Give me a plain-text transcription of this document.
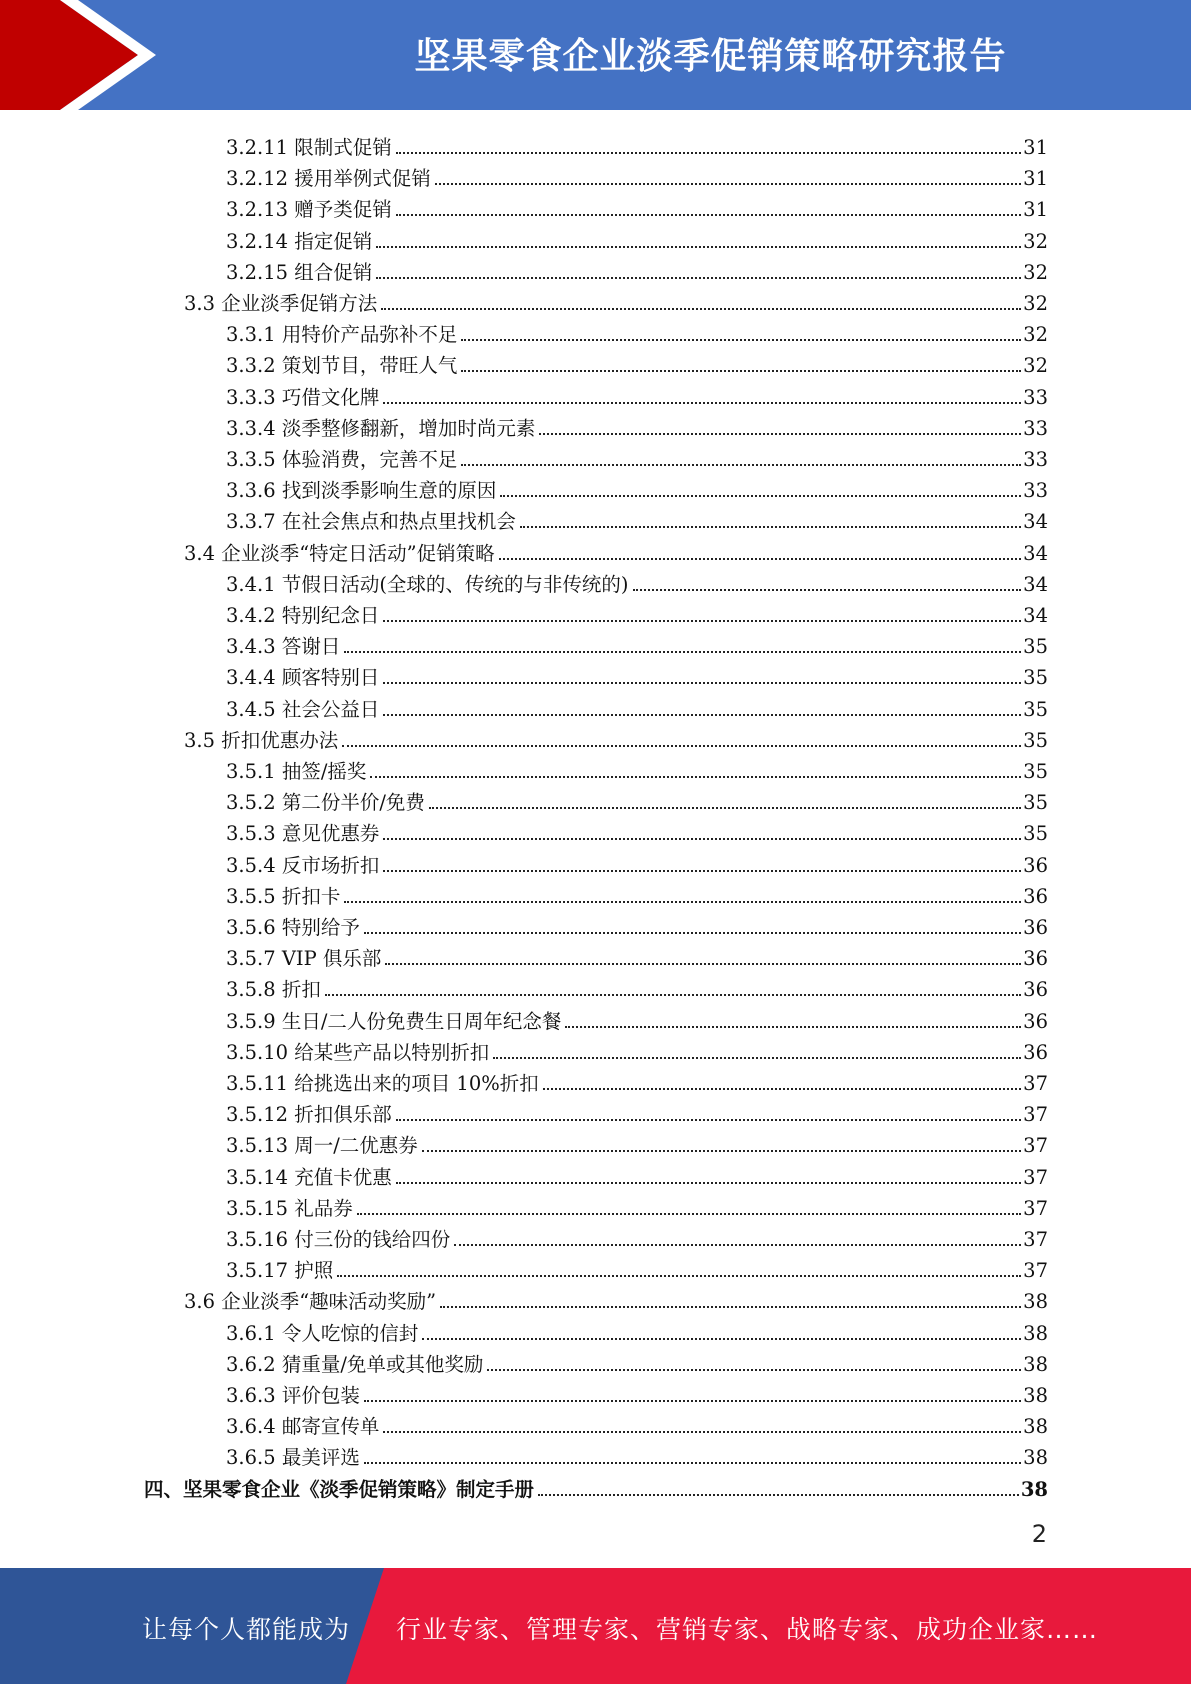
坚果零食企业淡季促销策略研究报告
3.2.11 限制式促销	31
3.2.12 援用举例式促销	31
3.2.13 赠予类促销	31
3.2.14 指定促销	32
3.2.15 组合促销	32
3.3 企业淡季促销方法	32
3.3.1 用特价产品弥补不足	32
3.3.2 策划节目，带旺人气	32
3.3.3 巧借文化牌	33
3.3.4 淡季整修翻新，增加时尚元素	33
3.3.5 体验消费，完善不足	33
3.3.6 找到淡季影响生意的原因	33
3.3.7 在社会焦点和热点里找机会	34
3.4 企业淡季“特定日活动”促销策略	34
3.4.1 节假日活动(全球的、传统的与非传统的)	34
3.4.2 特别纪念日	34
3.4.3 答谢日	35
3.4.4 顾客特别日	35
3.4.5 社会公益日	35
3.5 折扣优惠办法	35
3.5.1 抽签/摇奖	35
3.5.2 第二份半价/免费	35
3.5.3 意见优惠券	35
3.5.4 反市场折扣	36
3.5.5 折扣卡	36
3.5.6 特别给予	36
3.5.7 VIP 俱乐部	36
3.5.8 折扣	36
3.5.9 生日/二人份免费生日周年纪念餐	36
3.5.10 给某些产品以特别折扣	36
3.5.11 给挑选出来的项目 10%折扣	37
3.5.12 折扣俱乐部	37
3.5.13 周一/二优惠券	37
3.5.14 充值卡优惠	37
3.5.15 礼品券	37
3.5.16 付三份的钱给四份	37
3.5.17 护照	37
3.6 企业淡季“趣味活动奖励”	38
3.6.1 令人吃惊的信封	38
3.6.2 猜重量/免单或其他奖励	38
3.6.3 评价包装	38
3.6.4 邮寄宣传单	38
3.6.5 最美评选	38
四、坚果零食企业《淡季促销策略》制定手册	38
2
让每个人都能成为 行业专家、管理专家、营销专家、战略专家、成功企业家……
